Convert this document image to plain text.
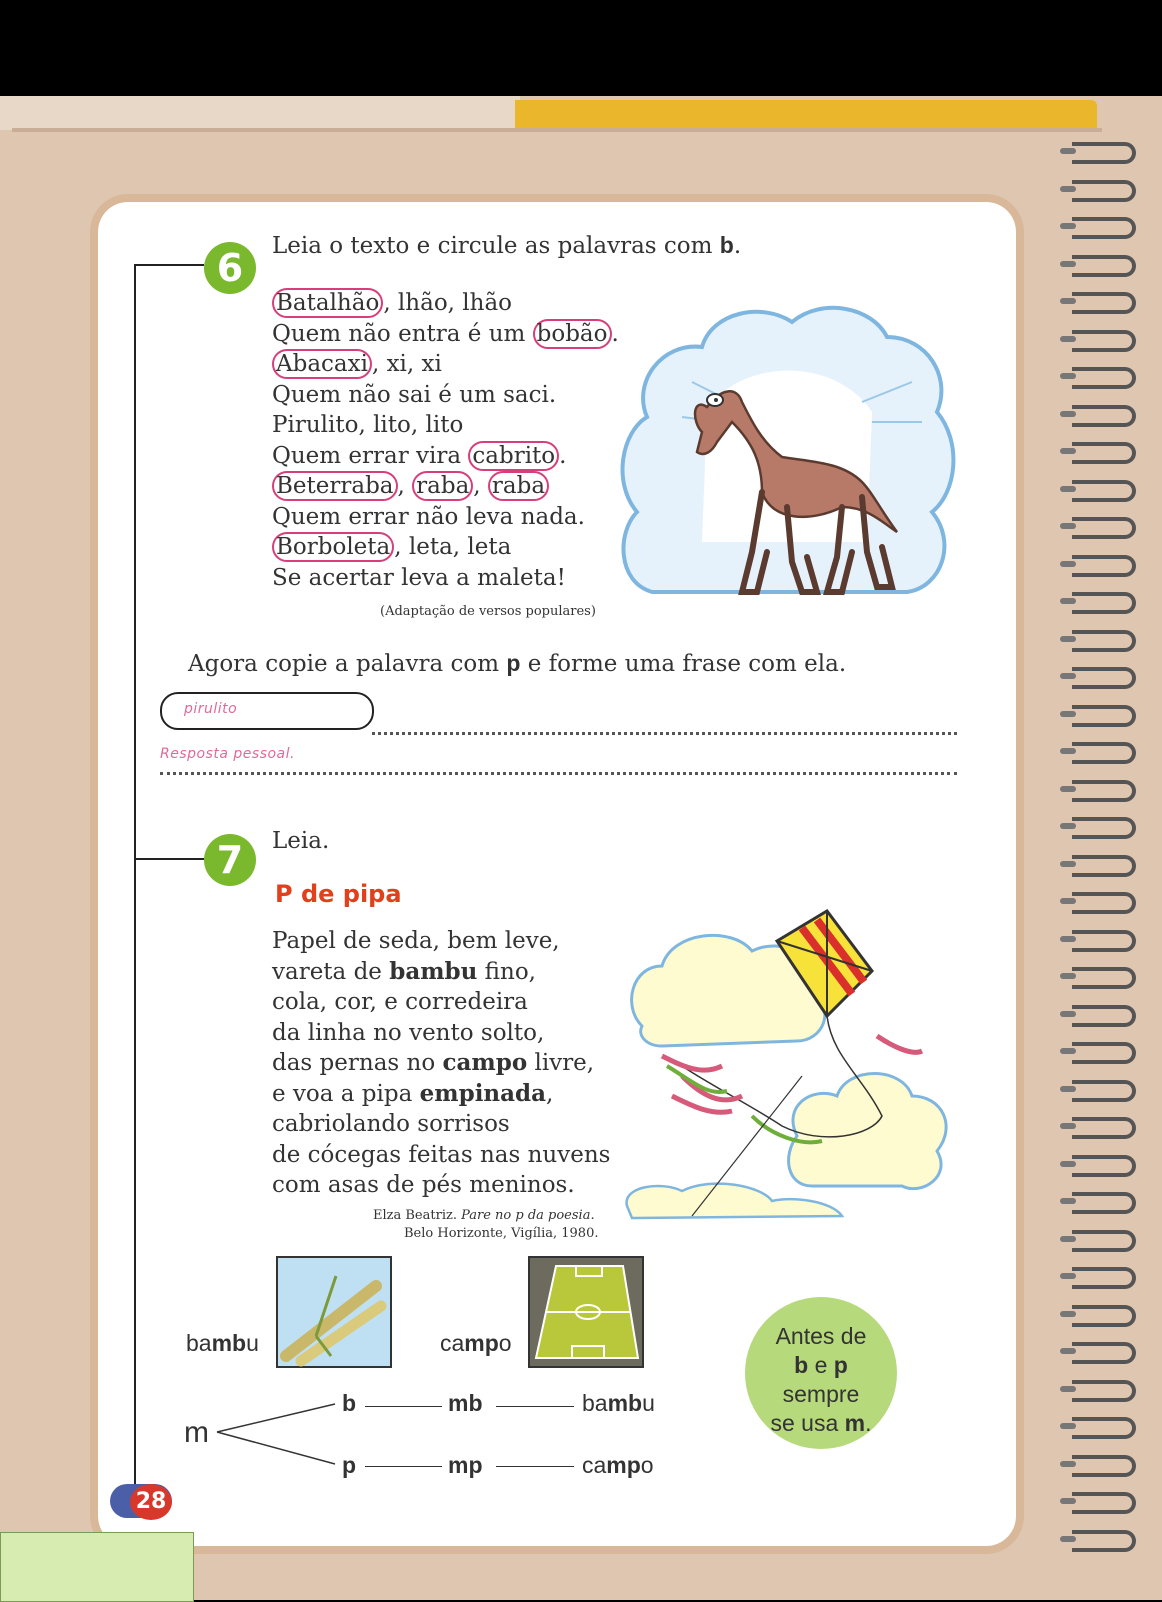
6	Leia o texto e circule as palavras com b.
Batalhão , lhão, lhão
Quem não entra é um bobão .
Abacaxi , xi, xi
Quem não sai é um saci.
Pirulito, lito, lito
Quem errar vira cabrito .
Beterraba , raba , raba
Quem errar não leva nada.
Borboleta , leta, leta
Se acertar leva a maleta!
(Adaptação de versos populares)
Agora copie a palavra com p e forme uma frase com ela.
pirulito
Resposta pessoal.
7	Leia.
P de pipa
Papel de seda, bem leve,
vareta de bambu fino,
cola, cor, e corredeira
da linha no vento solto,
das pernas no campo livre,
e voa a pipa empinada,
cabriolando sorrisos
de cócegas feitas nas nuvens
com asas de pés meninos.
Elza Beatriz. Pare no p da poesia.
Belo Horizonte, Vigília, 1980.
bambu	campo
m
b	mb	bambu
p	mp	campo
Antes de
b e p
sempre
se usa m.
28
